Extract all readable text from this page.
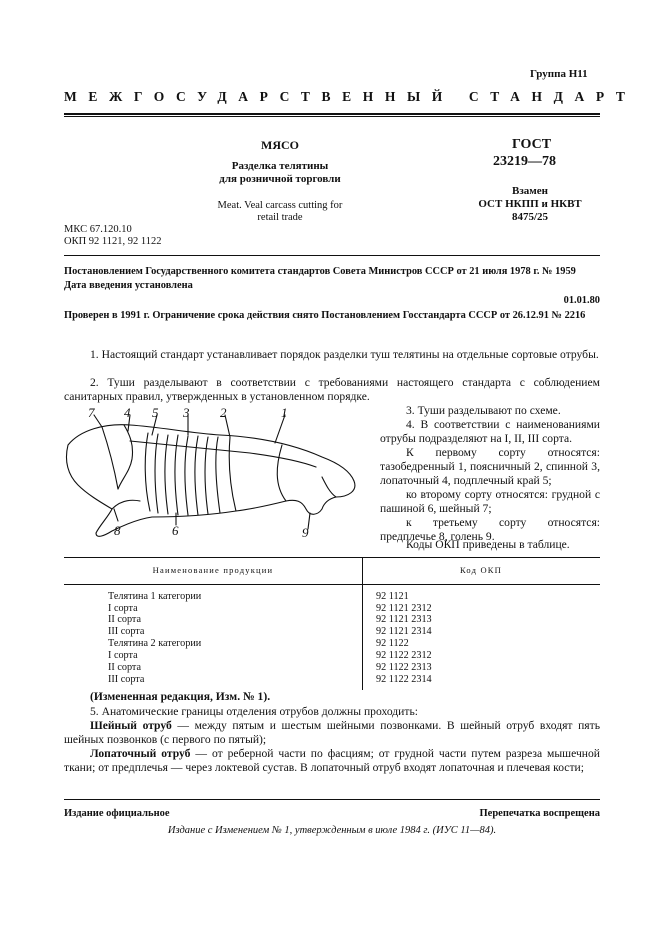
Группа Н11
МЕЖГОСУДАРСТВЕННЫЙ СТАНДАРТ
МЯСО
Разделка телятины
для розничной торговли
Meat. Veal carcass cutting for
retail trade
МКС 67.120.10
ОКП 92 1121, 92 1122
ГОСТ
23219—78
Взамен
ОСТ НКПП и НКВТ
8475/25
Постановлением Государственного комитета стандартов Совета Министров СССР от 21 июля 1978 г. № 1959
Дата введения установлена
01.01.80
Проверен в 1991 г. Ограничение срока действия снято Постановлением Госстандарта СССР от 26.12.91 № 2216
1. Настоящий стандарт устанавливает порядок разделки туш телятины на отдельные сортовые отрубы.
2. Туши разделывают в соответствии с требованиями настоящего стандарта с соблюдением санитарных правил, утвержденных в установленном порядке.
7 4 5 3 2	1
8	6	9
3. Туши разделывают по схеме.
4. В соответствии с наименованиями отрубы подразделяют на I, II, III сорта.
К первому сорту относятся: тазобедренный 1, поясничный 2, спинной 3, лопаточный 4, подплечный край 5;
ко второму сорту относятся: грудной с пашиной 6, шейный 7;
к третьему сорту относятся: предплечье 8, голень 9.
Коды ОКП приведены в таблице.
Наименование продукции	Код ОКП
Телятина 1 категории	92 1121
I сорта	92 1121 2312
II сорта	92 1121 2313
III сорта	92 1121 2314
Телятина 2 категории	92 1122
I сорта	92 1122 2312
II сорта	92 1122 2313
III сорта	92 1122 2314
(Измененная редакция, Изм. № 1).
5. Анатомические границы отделения отрубов должны проходить:
Шейный отруб — между пятым и шестым шейными позвонками. В шейный отруб входят пять шейных позвонков (с первого по пятый);
Лопаточный отруб — от реберной части по фасциям; от грудной части путем разреза мышечной ткани; от предплечья — через локтевой сустав. В лопаточный отруб входят лопаточная и плечевая кости;
Издание официальное	Перепечатка воспрещена
Издание с Изменением № 1, утвержденным в июле 1984 г. (ИУС 11—84).
